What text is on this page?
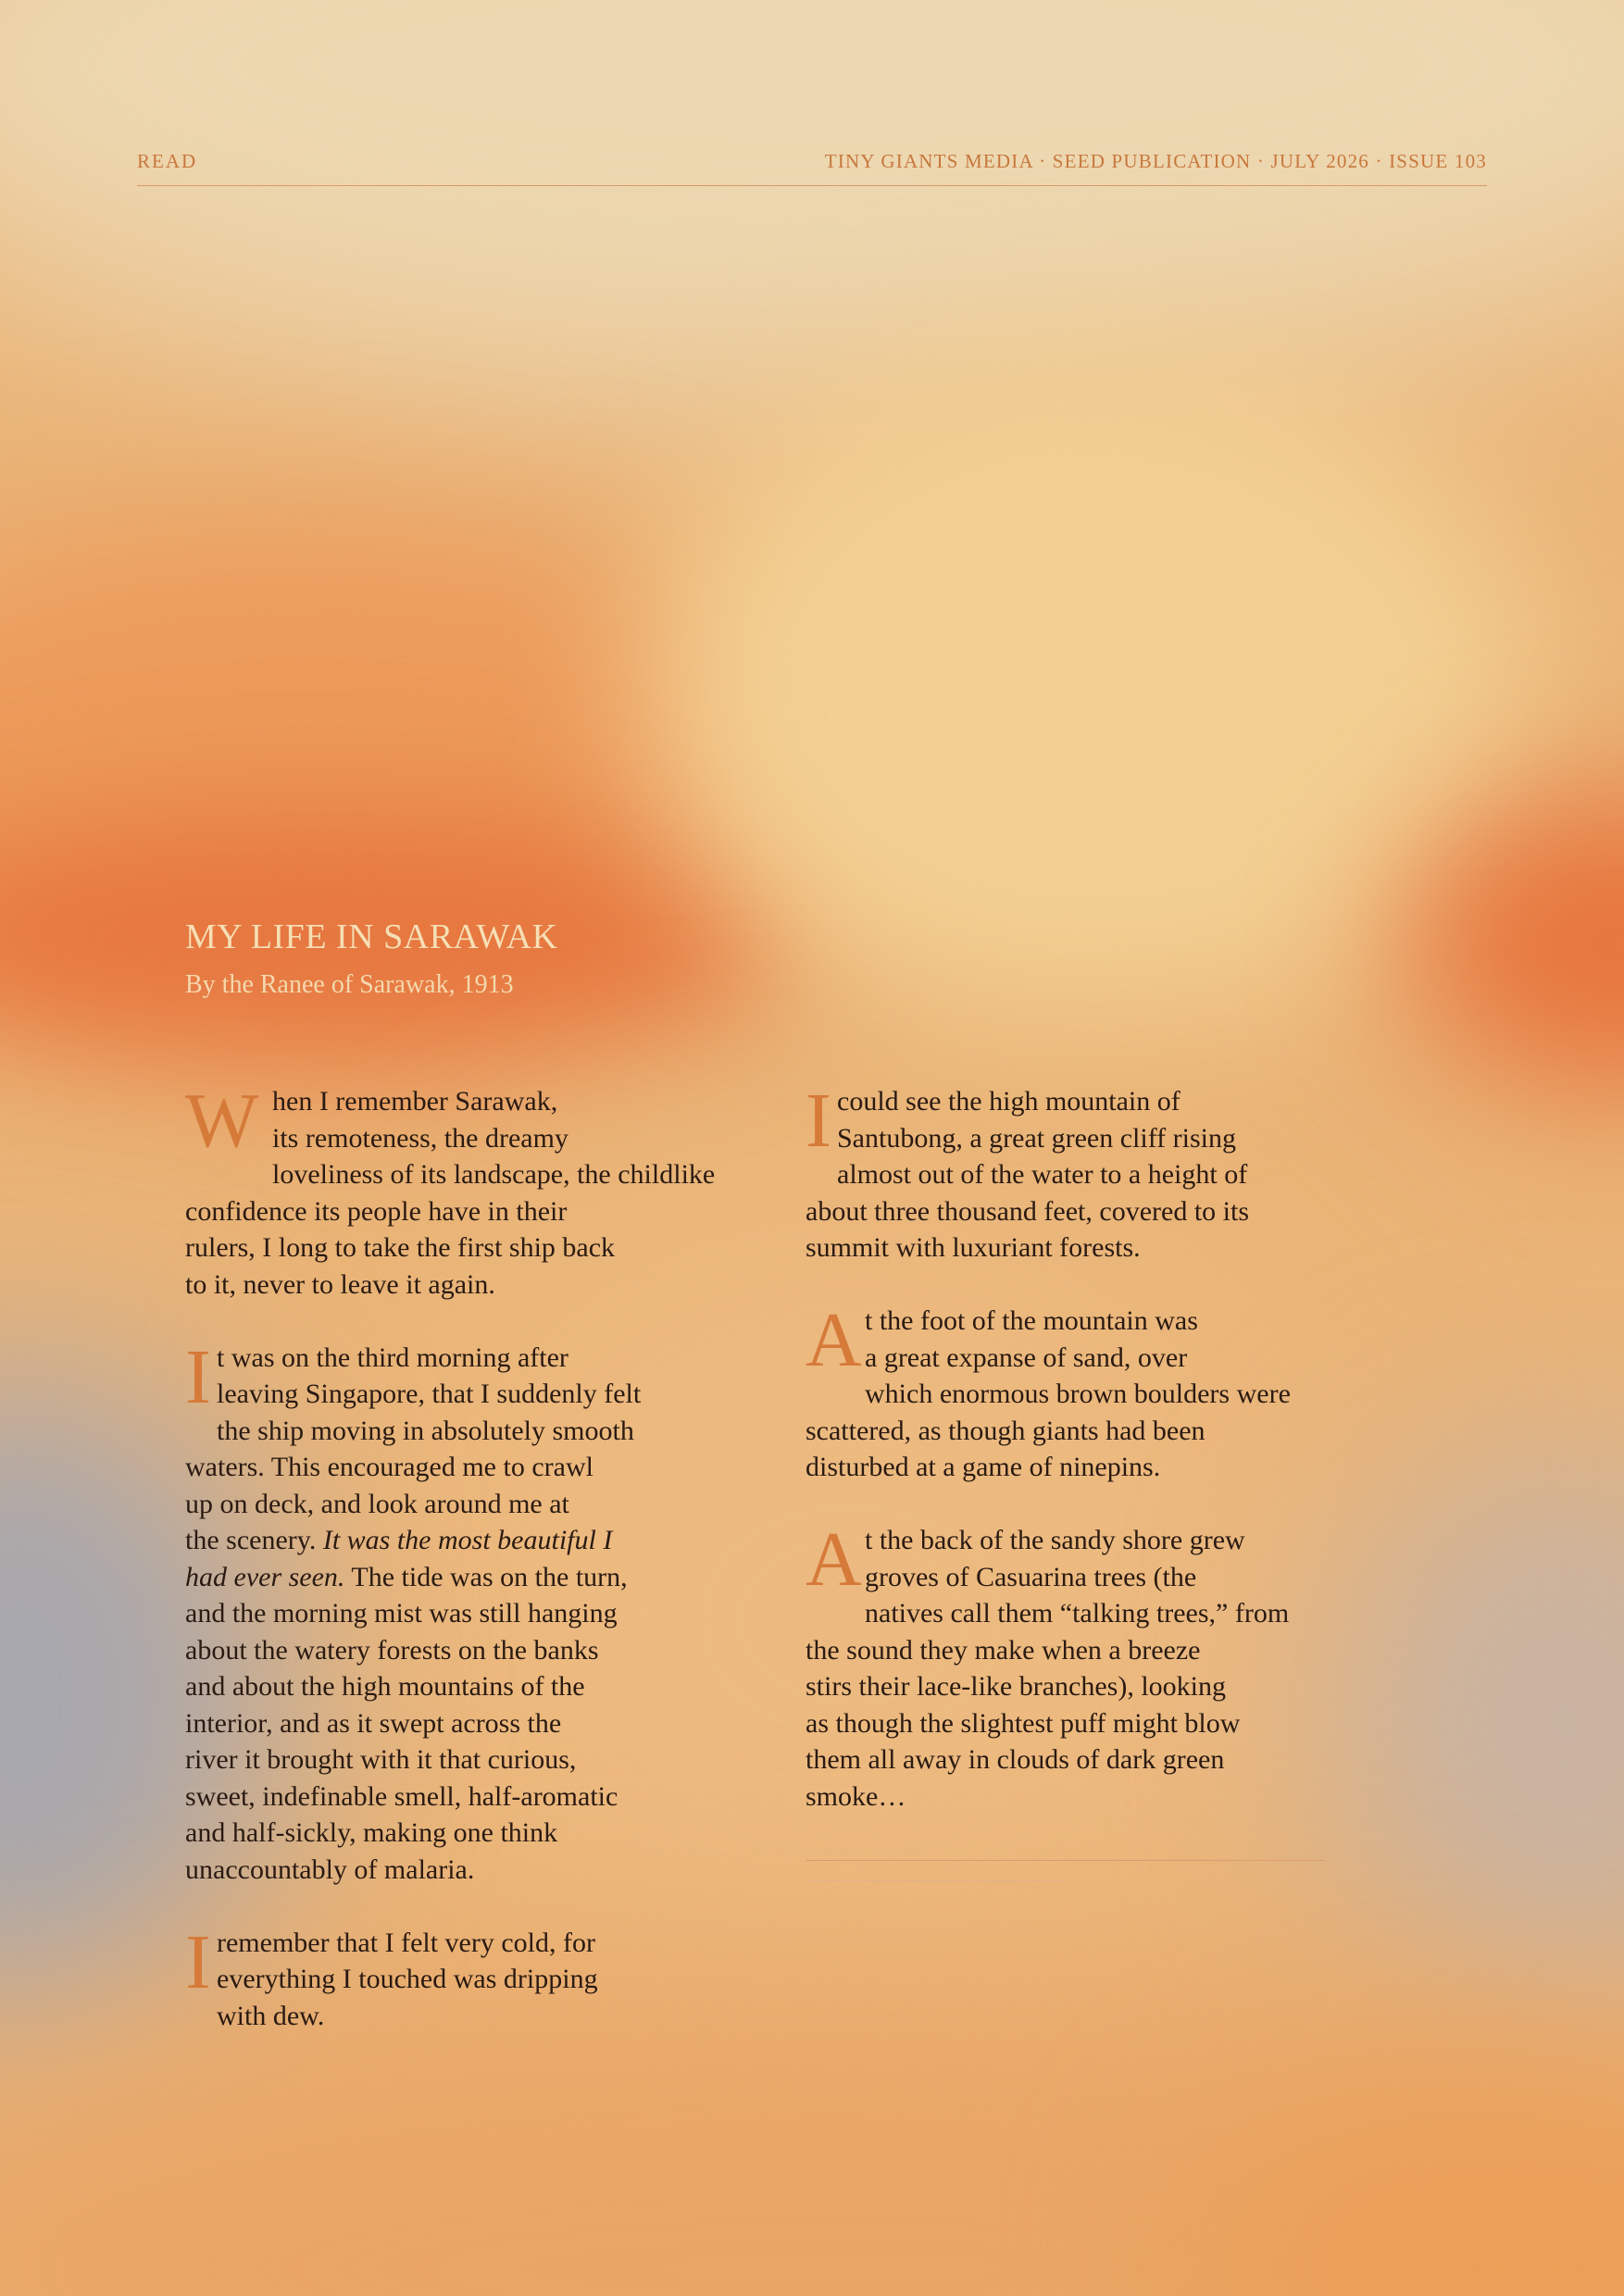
READ	TINY GIANTS MEDIA · SEED PUBLICATION · JULY 2026 · ISSUE 103
MY LIFE IN SARAWAK
By the Ranee of Sarawak, 1913

W hen I remember Sarawak,
its remoteness, the dreamy
loveliness of its landscape, the childlike
confidence its people have in their
rulers, I long to take the first ship back
to it, never to leave it again.

I t was on the third morning after
leaving Singapore, that I suddenly felt
the ship moving in absolutely smooth
waters. This encouraged me to crawl
up on deck, and look around me at
the scenery. It was the most beautiful I
had ever seen. The tide was on the turn,
and the morning mist was still hanging
about the watery forests on the banks
and about the high mountains of the
interior, and as it swept across the
river it brought with it that curious,
sweet, indefinable smell, half-aromatic
and half-sickly, making one think
unaccountably of malaria.

I remember that I felt very cold, for
everything I touched was dripping
with dew.

I could see the high mountain of
Santubong, a great green cliff rising
almost out of the water to a height of
about three thousand feet, covered to its
summit with luxuriant forests.

A t the foot of the mountain was
a great expanse of sand, over
which enormous brown boulders were
scattered, as though giants had been
disturbed at a game of ninepins.

A t the back of the sandy shore grew
groves of Casuarina trees (the
natives call them “talking trees,” from
the sound they make when a breeze
stirs their lace-like branches), looking
as though the slightest puff might blow
them all away in clouds of dark green
smoke…
